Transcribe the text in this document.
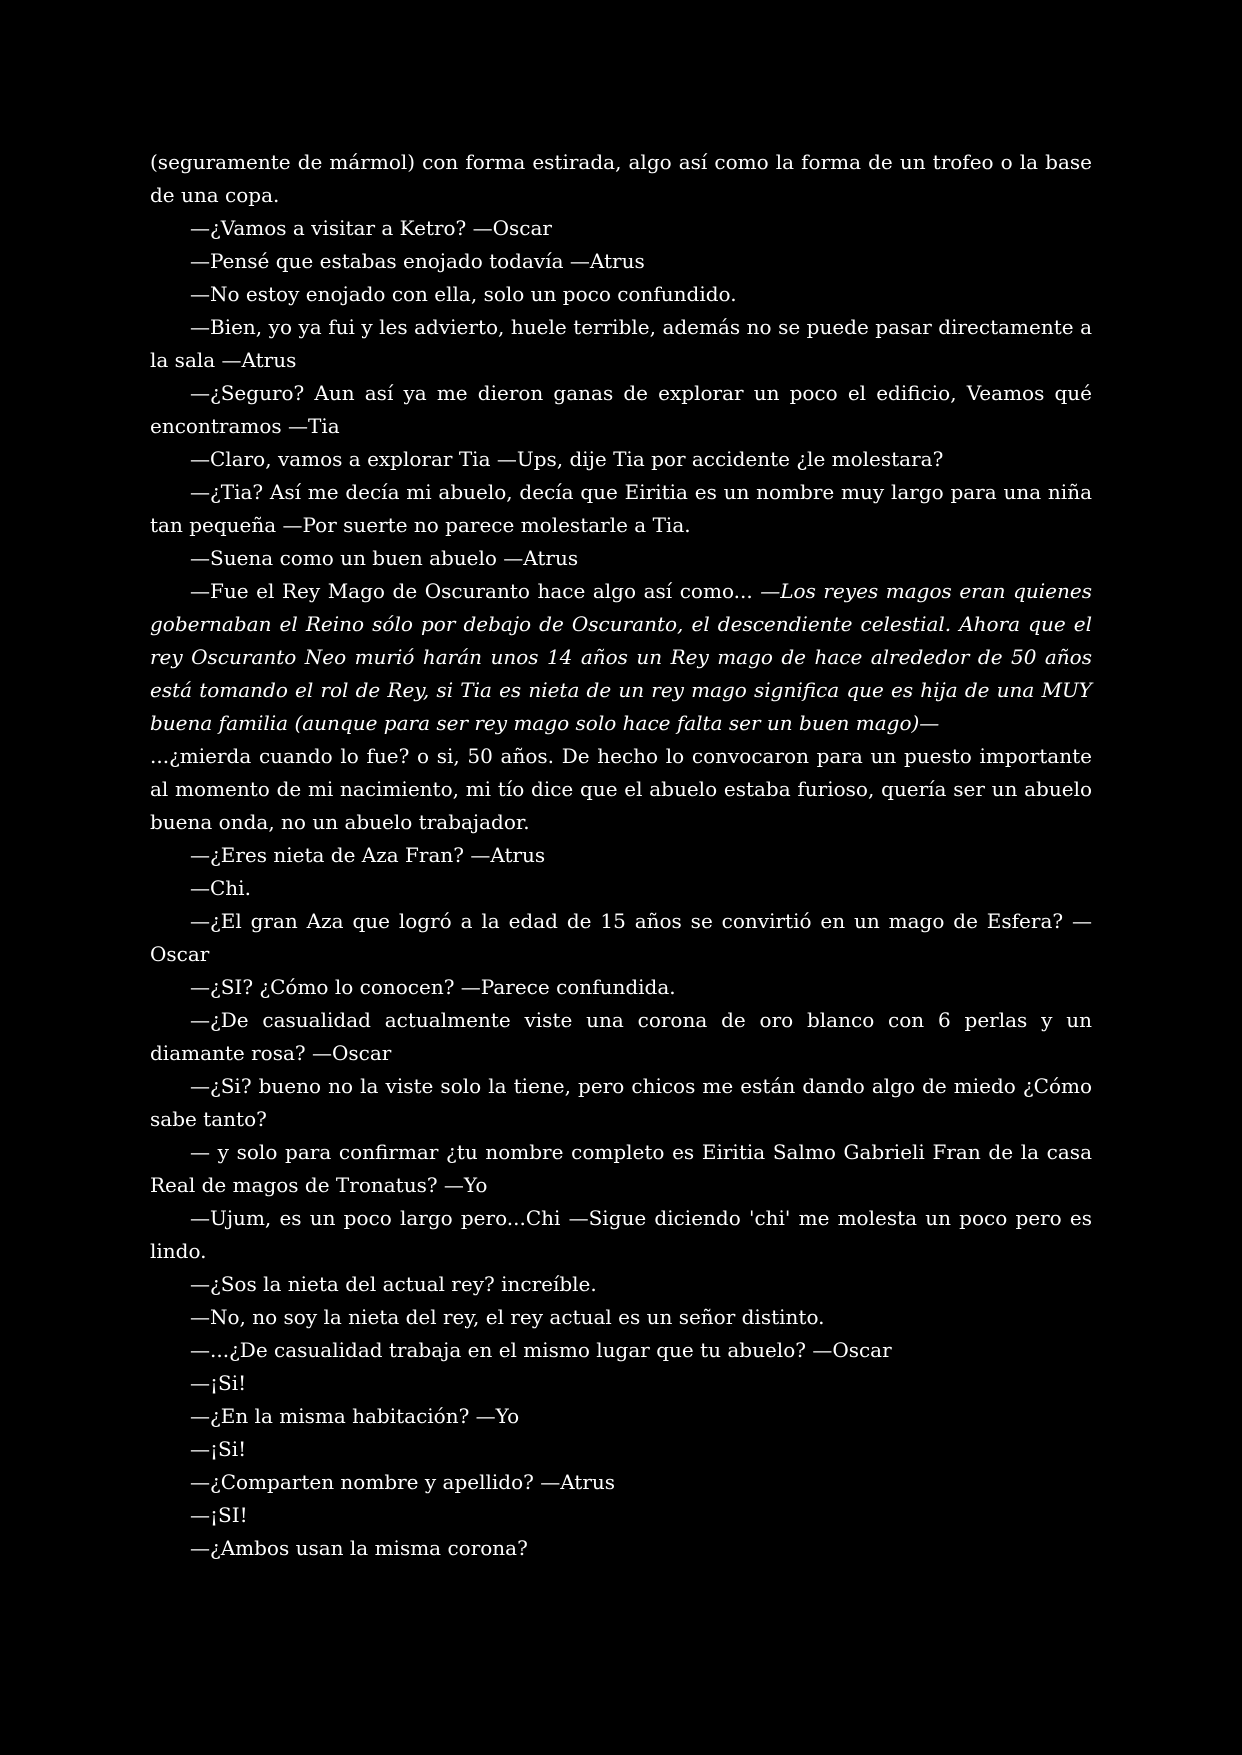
(seguramente de mármol) con forma estirada, algo así como la forma de un trofeo o la base de una copa.

—¿Vamos a visitar a Ketro? —Oscar

—Pensé que estabas enojado todavía —Atrus

—No estoy enojado con ella, solo un poco confundido.

—Bien, yo ya fui y les advierto, huele terrible, además no se puede pasar directamente a la sala —Atrus

—¿Seguro? Aun así ya me dieron ganas de explorar un poco el edificio, Veamos qué encontramos —Tia

—Claro, vamos a explorar Tia —Ups, dije Tia por accidente ¿le molestara?

—¿Tia? Así me decía mi abuelo, decía que Eiritia es un nombre muy largo para una niña tan pequeña —Por suerte no parece molestarle a Tia.

—Suena como un buen abuelo —Atrus

—Fue el Rey Mago de Oscuranto hace algo así como... —Los reyes magos eran quienes gobernaban el Reino sólo por debajo de Oscuranto, el descendiente celestial. Ahora que el rey Oscuranto Neo murió harán unos 14 años un Rey mago de hace alrededor de 50 años está tomando el rol de Rey, si Tia es nieta de un rey mago significa que es hija de una MUY buena familia (aunque para ser rey mago solo hace falta ser un buen mago)—

...¿mierda cuando lo fue? o si, 50 años. De hecho lo convocaron para un puesto importante al momento de mi nacimiento, mi tío dice que el abuelo estaba furioso, quería ser un abuelo buena onda, no un abuelo trabajador.

—¿Eres nieta de Aza Fran? —Atrus

—Chi.

—¿El gran Aza que logró a la edad de 15 años se convirtió en un mago de Esfera? —Oscar

—¿SI? ¿Cómo lo conocen? —Parece confundida.

—¿De casualidad actualmente viste una corona de oro blanco con 6 perlas y un diamante rosa? —Oscar

—¿Si? bueno no la viste solo la tiene, pero chicos me están dando algo de miedo ¿Cómo sabe tanto?

— y solo para confirmar ¿tu nombre completo es Eiritia Salmo Gabrieli Fran de la casa Real de magos de Tronatus? —Yo

—Ujum, es un poco largo pero...Chi —Sigue diciendo 'chi' me molesta un poco pero es lindo.

—¿Sos la nieta del actual rey? increíble.

—No, no soy la nieta del rey, el rey actual es un señor distinto.

—...¿De casualidad trabaja en el mismo lugar que tu abuelo? —Oscar

—¡Si!

—¿En la misma habitación? —Yo

—¡Si!

—¿Comparten nombre y apellido? —Atrus

—¡SI!

—¿Ambos usan la misma corona?
